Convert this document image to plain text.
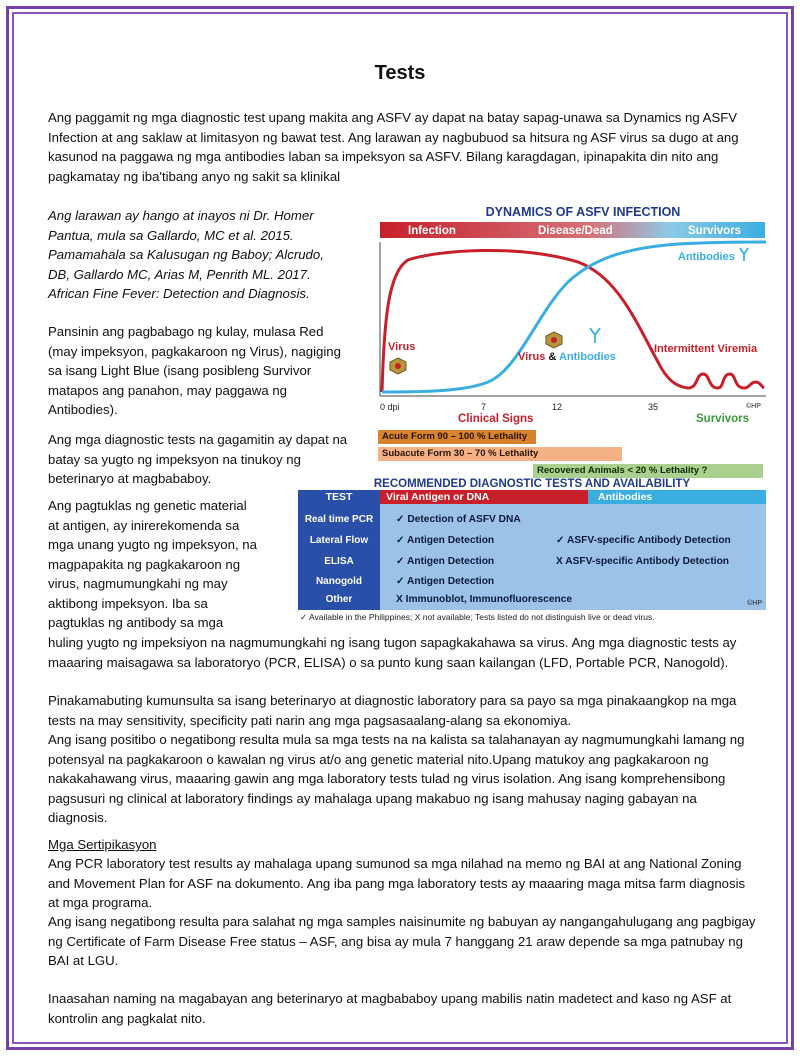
Tests
Ang paggamit ng mga diagnostic test upang makita ang ASFV ay dapat na batay sapag-unawa sa Dynamics ng ASFV Infection at ang saklaw at limitasyon ng bawat test. Ang larawan ay nagbubuod sa hitsura ng ASF virus sa dugo at ang kasunod na paggawa ng mga antibodies laban sa impeksyon sa ASFV. Bilang karagdagan, ipinapakita din nito ang pagkamatay ng iba'tibang anyo ng sakit sa klinikal
Ang larawan ay hango at inayos ni Dr. Homer Pantua, mula sa Gallardo, MC et al. 2015. Pamamahala sa Kalusugan ng Baboy; Alcrudo, DB, Gallardo MC, Arias M, Penrith ML. 2017. African Fine Fever: Detection and Diagnosis.
Pansinin ang pagbabago ng kulay, mulasa Red (may impeksyon, pagkakaroon ng Virus), nagiging sa isang Light Blue (isang posibleng Survivor matapos ang panahon, may paggawa ng Antibodies).
Ang mga diagnostic tests na gagamitin ay dapat na batay sa yugto ng impeksyon na tinukoy ng beterinaryo at magbababoy.
Ang pagtuklas ng genetic material
at antigen, ay inirerekomenda sa
mga unang yugto ng impeksyon, na
magpapakita ng pagkakaroon ng
virus, nagmumungkahi ng may
aktibong impeksyon. Iba sa
pagtuklas ng antibody sa mga
huling yugto ng impeksiyon na nagmumungkahi ng isang tugon sapagkakahawa sa virus. Ang mga diagnostic tests ay maaaring maisagawa sa laboratoryo (PCR, ELISA) o sa punto kung saan kailangan (LFD, Portable PCR, Nanogold).
Pinakamabuting kumunsulta sa isang beterinaryo at diagnostic laboratory para sa payo sa mga pinakaangkop na mga tests na may sensitivity, specificity pati narin ang mga pagsasaalang-alang sa ekonomiya.
Ang isang positibo o negatibong resulta mula sa mga tests na na kalista sa talahanayan ay nagmumungkahi lamang ng potensyal na pagkakaroon o kawalan ng virus at/o ang genetic material nito.Upang matukoy ang pagkakaroon ng nakakahawang virus, maaaring gawin ang mga laboratory tests tulad ng virus isolation. Ang isang komprehensibong pagsusuri ng clinical at laboratory findings ay mahalaga upang makabuo ng isang mahusay naging gabayan na diagnosis.
Mga Sertipikasyon
Ang PCR laboratory test results ay mahalaga upang sumunod sa mga nilahad na memo ng BAI at ang National Zoning and Movement Plan for ASF na dokumento. Ang iba pang mga laboratory tests ay maaaring maga mitsa farm diagnosis at mga programa.
Ang isang negatibong resulta para salahat ng mga samples naisinumite ng babuyan ay nangangahulugang ang pagbigay ng Certificate of Farm Disease Free status – ASF, ang bisa ay mula 7 hanggang 21 araw depende sa mga patnubay ng BAI at LGU.
Inaasahan naming na magabayan ang beterinaryo at magbababoy upang mabilis natin madetect and kaso ng ASF at kontrolin ang pagkalat nito.
DYNAMICS OF ASFV INFECTION
Infection	Disease/Dead	Survivors
Antibodies
Virus
Virus & Antibodies
Intermittent Viremia
0 dpi	7	12	35	©HP
Clinical Signs	Survivors
Acute Form 90 – 100 % Lethality
Subacute Form 30 – 70 % Lethality
Recovered Animals < 20 % Lethality ?
RECOMMENDED DIAGNOSTIC TESTS AND AVAILABILITY
TEST	Viral Antigen or DNA	Antibodies
Real time PCR	✓ Detection of ASFV DNA
Lateral Flow	✓ Antigen Detection	✓ ASFV-specific Antibody Detection
ELISA	✓ Antigen Detection	X ASFV-specific Antibody Detection
Nanogold	✓ Antigen Detection
Other	X Immunoblot, Immunofluorescence	©HP
✓ Available in the Philippines; X not available; Tests listed do not distinguish live or dead virus.
